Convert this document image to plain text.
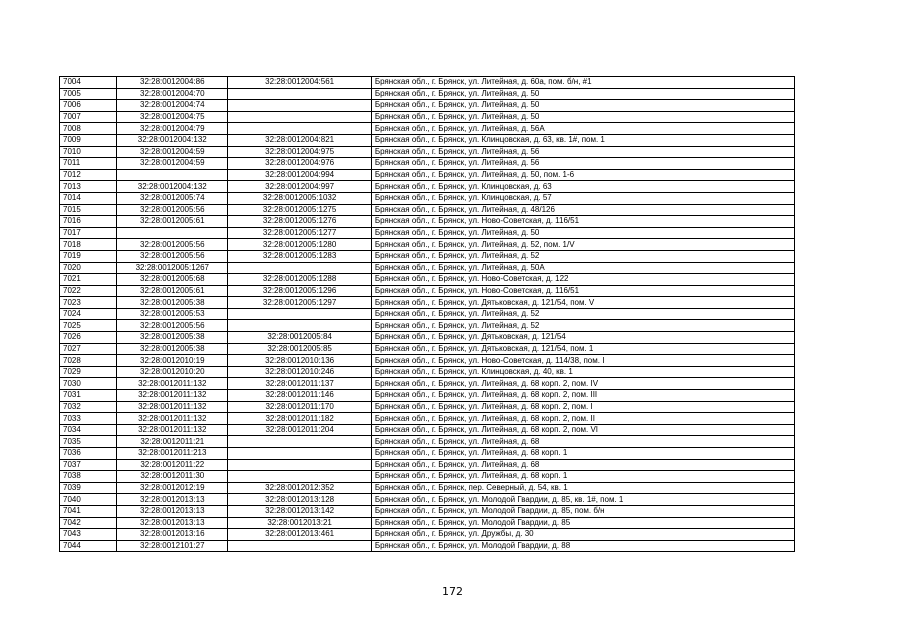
7004	32:28:0012004:86	32:28:0012004:561	Брянская обл., г. Брянск, ул. Литейная, д. 60а, пом. б/н, #1
7005	32:28:0012004:70		Брянская обл., г. Брянск, ул. Литейная, д. 50
7006	32:28:0012004:74		Брянская обл., г. Брянск, ул. Литейная, д. 50
7007	32:28:0012004:75		Брянская обл., г. Брянск, ул. Литейная, д. 50
7008	32:28:0012004:79		Брянская обл., г. Брянск, ул. Литейная, д. 56А
7009	32:28:0012004:132	32:28:0012004:821	Брянская обл., г. Брянск, ул. Клинцовская, д. 63, кв. 1#, пом. 1
7010	32:28:0012004:59	32:28:0012004:975	Брянская обл., г. Брянск, ул. Литейная, д. 56
7011	32:28:0012004:59	32:28:0012004:976	Брянская обл., г. Брянск, ул. Литейная, д. 56
7012		32:28:0012004:994	Брянская обл., г. Брянск, ул. Литейная, д. 50, пом. 1-6
7013	32:28:0012004:132	32:28:0012004:997	Брянская обл., г. Брянск, ул. Клинцовская, д. 63
7014	32:28:0012005:74	32:28:0012005:1032	Брянская обл., г. Брянск, ул. Клинцовская, д. 57
7015	32:28:0012005:56	32:28:0012005:1275	Брянская обл., г. Брянск, ул. Литейная, д. 48/126
7016	32:28:0012005:61	32:28:0012005:1276	Брянская обл., г. Брянск, ул. Ново-Советская, д. 116/51
7017		32:28:0012005:1277	Брянская обл., г. Брянск, ул. Литейная, д. 50
7018	32:28:0012005:56	32:28:0012005:1280	Брянская обл., г. Брянск, ул. Литейная, д. 52, пом. 1/V
7019	32:28:0012005:56	32:28:0012005:1283	Брянская обл., г. Брянск, ул. Литейная, д. 52
7020	32:28:0012005:1267		Брянская обл., г. Брянск, ул. Литейная, д. 50А
7021	32:28:0012005:68	32:28:0012005:1288	Брянская обл., г. Брянск, ул. Ново-Советская, д. 122
7022	32:28:0012005:61	32:28:0012005:1296	Брянская обл., г. Брянск, ул. Ново-Советская, д. 116/51
7023	32:28:0012005:38	32:28:0012005:1297	Брянская обл., г. Брянск, ул. Дятьковская, д. 121/54, пом. V
7024	32:28:0012005:53		Брянская обл., г. Брянск, ул. Литейная, д. 52
7025	32:28:0012005:56		Брянская обл., г. Брянск, ул. Литейная, д. 52
7026	32:28:0012005:38	32:28:0012005:84	Брянская обл., г. Брянск, ул. Дятьковская, д. 121/54
7027	32:28:0012005:38	32:28:0012005:85	Брянская обл., г. Брянск, ул. Дятьковская, д. 121/54, пом. 1
7028	32:28:0012010:19	32:28:0012010:136	Брянская обл., г. Брянск, ул. Ново-Советская, д. 114/38, пом. I
7029	32:28:0012010:20	32:28:0012010:246	Брянская обл., г. Брянск, ул. Клинцовская, д. 40, кв. 1
7030	32:28:0012011:132	32:28:0012011:137	Брянская обл., г. Брянск, ул. Литейная, д. 68 корп. 2, пом. IV
7031	32:28:0012011:132	32:28:0012011:146	Брянская обл., г. Брянск, ул. Литейная, д. 68 корп. 2, пом. III
7032	32:28:0012011:132	32:28:0012011:170	Брянская обл., г. Брянск, ул. Литейная, д. 68 корп. 2, пом. I
7033	32:28:0012011:132	32:28:0012011:182	Брянская обл., г. Брянск, ул. Литейная, д. 68 корп. 2, пом. II
7034	32:28:0012011:132	32:28:0012011:204	Брянская обл., г. Брянск, ул. Литейная, д. 68 корп. 2, пом. VI
7035	32:28:0012011:21		Брянская обл., г. Брянск, ул. Литейная, д. 68
7036	32:28:0012011:213		Брянская обл., г. Брянск, ул. Литейная, д. 68 корп. 1
7037	32:28:0012011:22		Брянская обл., г. Брянск, ул. Литейная, д. 68
7038	32:28:0012011:30		Брянская обл., г. Брянск, ул. Литейная, д. 68 корп. 1
7039	32:28:0012012:19	32:28:0012012:352	Брянская обл., г. Брянск, пер. Северный, д. 54, кв. 1
7040	32:28:0012013:13	32:28:0012013:128	Брянская обл., г. Брянск, ул. Молодой Гвардии, д. 85, кв. 1#, пом. 1
7041	32:28:0012013:13	32:28:0012013:142	Брянская обл., г. Брянск, ул. Молодой Гвардии, д. 85, пом. б/н
7042	32:28:0012013:13	32:28:0012013:21	Брянская обл., г. Брянск, ул. Молодой Гвардии, д. 85
7043	32:28:0012013:16	32:28:0012013:461	Брянская обл., г. Брянск, ул. Дружбы, д. 30
7044	32:28:0012101:27		Брянская обл., г. Брянск, ул. Молодой Гвардии, д. 88
172
